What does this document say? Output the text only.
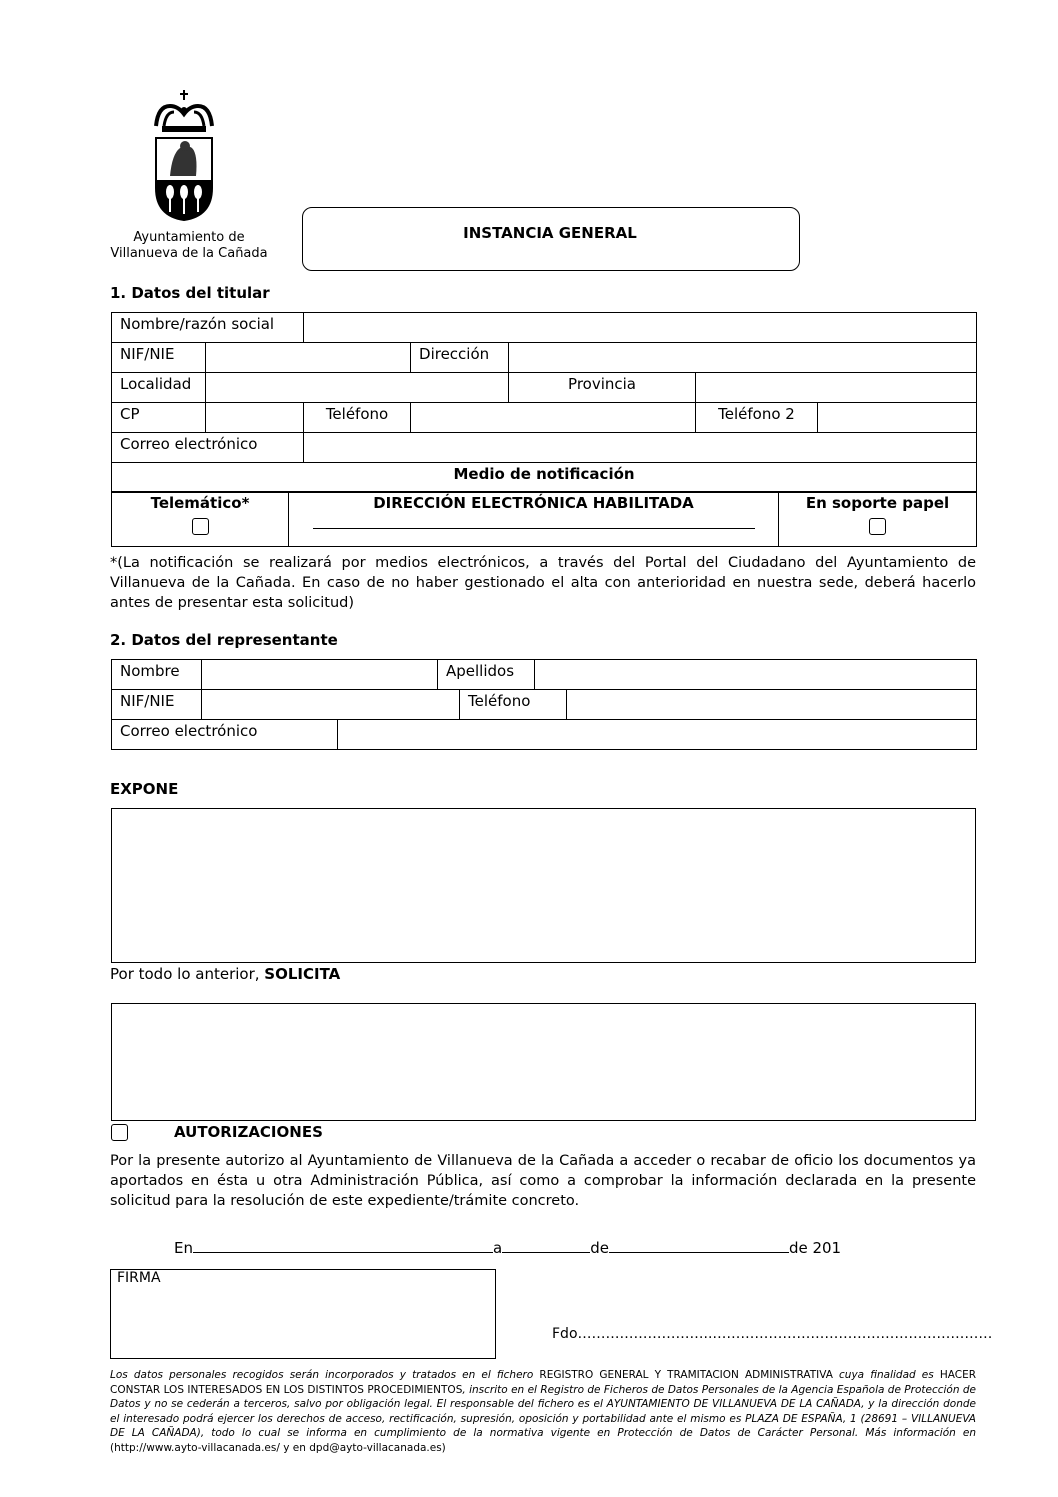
Ayuntamiento de
Villanueva de la Cañada
INSTANCIA GENERAL
1. Datos del titular
Nombre/razón social						
NIF/NIE			Dirección			
Localidad				Provincia		
CP		Teléfono			Teléfono 2	
Correo electrónico						
Medio de notificación						
Telemático*	DIRECCIÓN ELECTRÓNICA HABILITADA	En soporte papel
*(La notificación se realizará por medios electrónicos, a través del Portal del Ciudadano del Ayuntamiento de Villanueva de la Cañada. En caso de no haber gestionado el alta con anterioridad en nuestra sede, deberá hacerlo antes de presentar esta solicitud)
2. Datos del representante
Nombre			Apellidos			
NIF/NIE				Teléfono		
Correo electrónico						
EXPONE
Por todo lo anterior, SOLICITA
AUTORIZACIONES
Por la presente autorizo al Ayuntamiento de Villanueva de la Cañada a acceder o recabar de oficio los documentos ya aportados en ésta u otra Administración Pública, así como a comprobar la información declarada en la presente solicitud para la resolución de este expediente/trámite concreto.
En	a	de	de 201
FIRMA
Fdo………………………..……………………………………………………
Los datos personales recogidos serán incorporados y tratados en el fichero REGISTRO GENERAL Y TRAMITACION ADMINISTRATIVA cuya finalidad es HACER CONSTAR LOS INTERESADOS EN LOS DISTINTOS PROCEDIMIENTOS, inscrito en el Registro de Ficheros de Datos Personales de la Agencia Española de Protección de Datos y no se cederán a terceros, salvo por obligación legal. El responsable del fichero es el AYUNTAMIENTO DE VILLANUEVA DE LA CAÑADA, y la dirección donde el interesado podrá ejercer los derechos de acceso, rectificación, supresión, oposición y portabilidad ante el mismo es PLAZA DE ESPAÑA, 1 (28691 – VILLANUEVA DE LA CAÑADA), todo lo cual se informa en cumplimiento de la normativa vigente en Protección de Datos de Carácter Personal. Más información en (http://www.ayto-villacanada.es/ y en dpd@ayto-villacanada.es)
